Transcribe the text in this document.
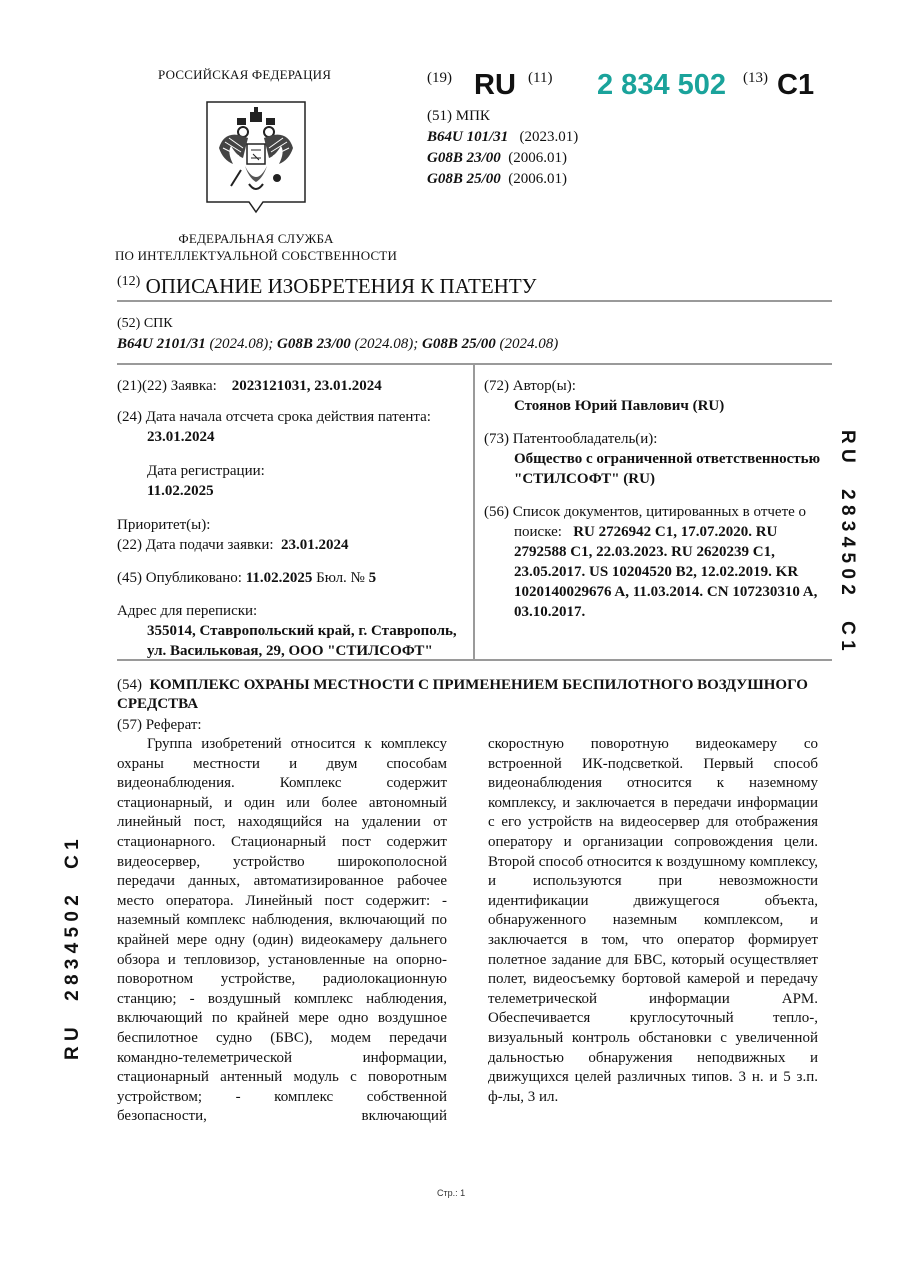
РОССИЙСКАЯ ФЕДЕРАЦИЯ
ФЕДЕРАЛЬНАЯ СЛУЖБА
ПО ИНТЕЛЛЕКТУАЛЬНОЙ СОБСТВЕННОСТИ
(19) RU (11) 2 834 502 (13) C1
(51) МПК
B64U 101/31 (2023.01)
G08B 23/00 (2006.01)
G08B 25/00 (2006.01)
$^{(12)}$ ОПИСАНИЕ ИЗОБРЕТЕНИЯ К ПАТЕНТУ
(52) СПК
B64U 2101/31 (2024.08); G08B 23/00 (2024.08); G08B 25/00 (2024.08)
(21)(22) Заявка: 2023121031, 23.01.2024
(24) Дата начала отсчета срока действия патента:
23.01.2024
Дата регистрации:
11.02.2025
Приоритет(ы):
(22) Дата подачи заявки: 23.01.2024
(45) Опубликовано: 11.02.2025 Бюл. № 5
Адрес для переписки:
355014, Ставропольский край, г. Ставрополь,
ул. Васильковая, 29, ООО "СТИЛСОФТ"
(72) Автор(ы):
Стоянов Юрий Павлович (RU)
(73) Патентообладатель(и):
Общество с ограниченной ответственностью
"СТИЛСОФТ" (RU)
(56) Список документов, цитированных в отчете о поиске: RU 2726942 C1, 17.07.2020. RU 2792588 C1, 22.03.2023. RU 2620239 C1, 23.05.2017. US 10204520 B2, 12.02.2019. KR 1020140029676 A, 11.03.2014. CN 107230310 A, 03.10.2017.
(54) КОМПЛЕКС ОХРАНЫ МЕСТНОСТИ С ПРИМЕНЕНИЕМ БЕСПИЛОТНОГО ВОЗДУШНОГО СРЕДСТВА
(57) Реферат:

Группа изобретений относится к комплексу охраны местности и двум способам видеонаблюдения. Комплекс содержит стационарный, и один или более автономный линейный пост, находящийся на удалении от стационарного. Стационарный пост содержит видеосервер, устройство широкополосной передачи данных, автоматизированное рабочее место оператора. Линейный пост содержит: - наземный комплекс наблюдения, включающий по крайней мере одну (один) видеокамеру дальнего обзора и тепловизор, установленные на опорно-поворотном устройстве, радиолокационную станцию; - воздушный комплекс наблюдения, включающий по крайней мере одно воздушное беспилотное судно (БВС), модем передачи командно-телеметрической информации, стационарный антенный модуль с поворотным устройством; - комплекс собственной безопасности, включающий

скоростную поворотную видеокамеру со встроенной ИК-подсветкой. Первый способ видеонаблюдения относится к наземному комплексу, и заключается в передачи информации с его устройств на видеосервер для отображения оператору и организации сопровождения цели. Второй способ относится к воздушному комплексу, и используются при невозможности идентификации движущегося объекта, обнаруженного наземным комплексом, и заключается в том, что оператор формирует полетное задание для БВС, который осуществляет полет, видеосъемку бортовой камерой и передачу телеметрической информации АРМ. Обеспечивается круглосуточный тепло-, визуальный контроль обстановки с увеличенной дальностью обнаружения неподвижных и движущихся целей различных типов. 3 н. и 5 з.п. ф-лы, 3 ил.

R U     2 8 3 4 5 0 2     C 1
R U     2 8 3 4 5 0 2     C 1
Стр.: 1
